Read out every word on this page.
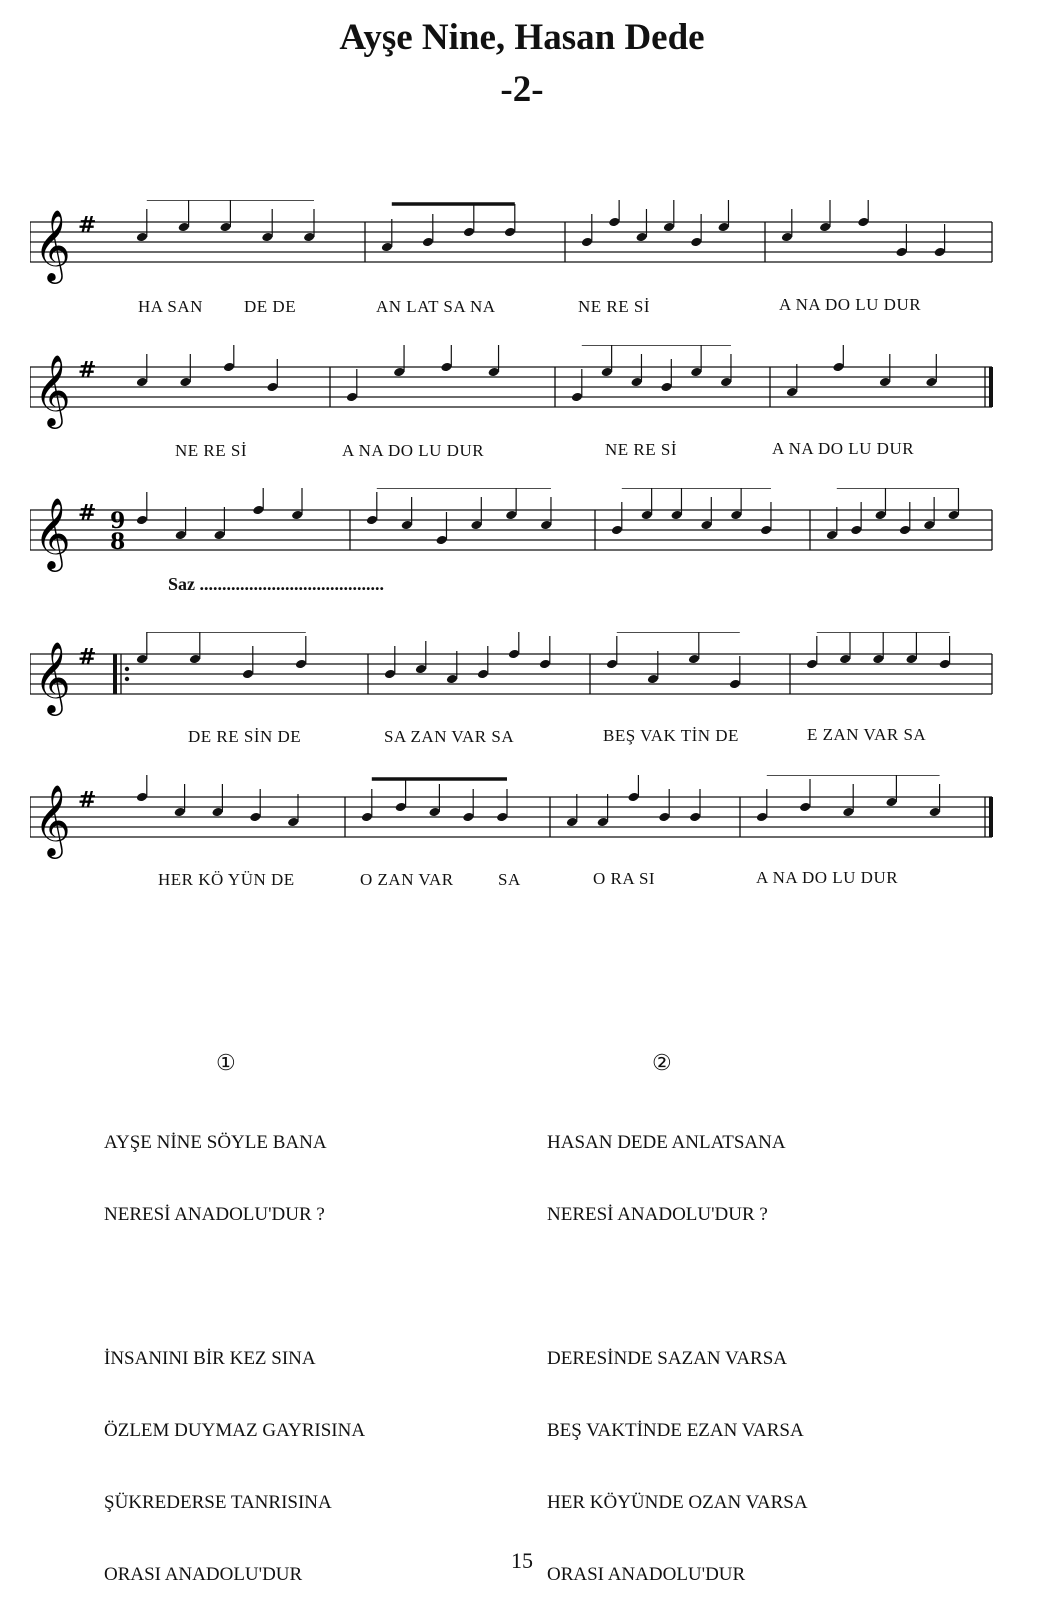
Ayşe Nine, Hasan Dede
-2-
𝄞 #
HA SAN DE DE	AN LAT SA NA	NE RE Sİ	A NA DO LU DUR
𝄞 #
NE RE Sİ	A NA DO LU DUR	NE RE Sİ	A NA DO LU DUR
𝄞 # 9
8
Saz .........................................
𝄞 #
DE RE SİN DE	SA ZAN VAR SA	BEŞ VAK TİN DE	E ZAN VAR SA
𝄞 #
HER KÖ YÜN DE	O ZAN VAR	SA	O RA SI	A NA DO LU DUR
①

AYŞE NİNE SÖYLE BANA

NERESİ ANADOLU'DUR ?

İNSANINI BİR KEZ SINA

ÖZLEM DUYMAZ GAYRISINA

ŞÜKREDERSE TANRISINA

ORASI ANADOLU'DUR

②

HASAN DEDE ANLATSANA

NERESİ ANADOLU'DUR ?

DERESİNDE SAZAN VARSA

BEŞ VAKTİNDE EZAN VARSA

HER KÖYÜNDE OZAN VARSA

ORASI ANADOLU'DUR

15
